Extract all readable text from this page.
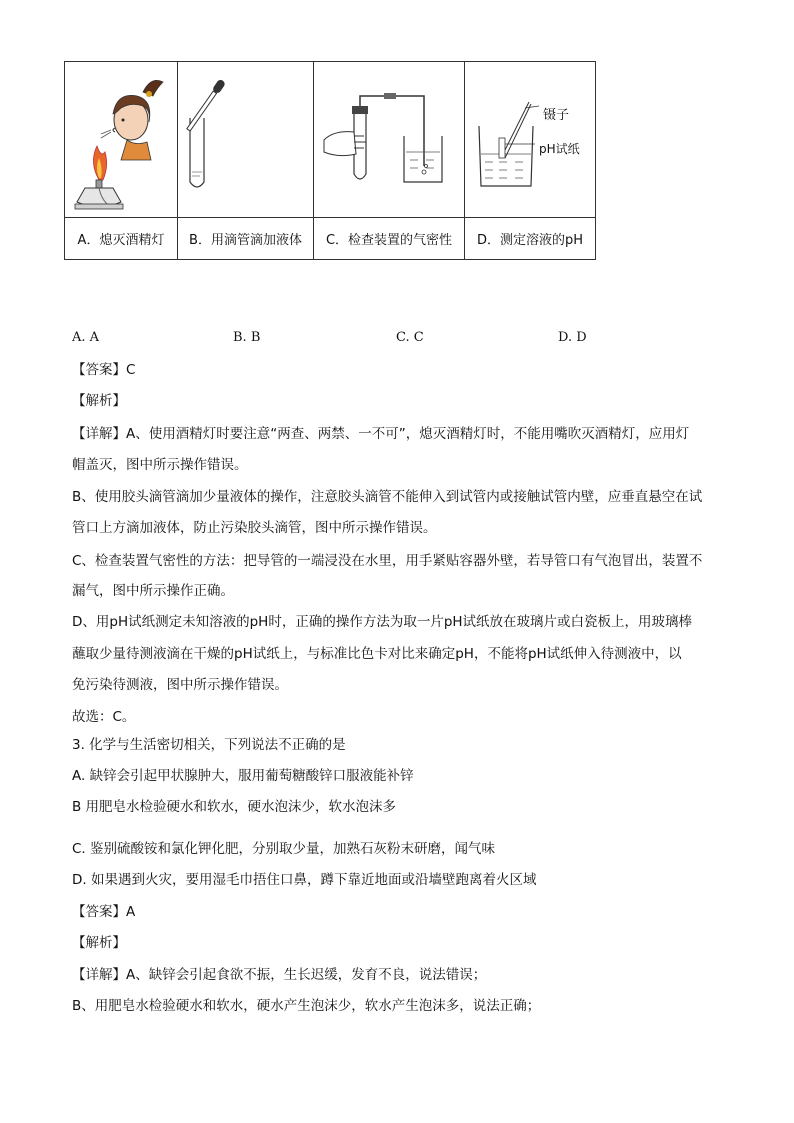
镊子
pH试纸

A．熄灭酒精灯	B．用滴管滴加液体	C．检查装置的气密性	D．测定溶液的pH
A. A	B. B	C. C	D. D
【答案】C
【解析】
【详解】A、使用酒精灯时要注意“两查、两禁、一不可”，熄灭酒精灯时，不能用嘴吹灭酒精灯，应用灯
帽盖灭，图中所示操作错误。
B、使用胶头滴管滴加少量液体的操作，注意胶头滴管不能伸入到试管内或接触试管内壁，应垂直悬空在试
管口上方滴加液体，防止污染胶头滴管，图中所示操作错误。
C、检查装置气密性的方法：把导管的一端浸没在水里，用手紧贴容器外壁，若导管口有气泡冒出，装置不
漏气，图中所示操作正确。
D、用pH试纸测定未知溶液的pH时，正确的操作方法为取一片pH试纸放在玻璃片或白瓷板上，用玻璃棒
蘸取少量待测液滴在干燥的pH试纸上，与标准比色卡对比来确定pH，不能将pH试纸伸入待测液中，以
免污染待测液，图中所示操作错误。
故选：C。
3. 化学与生活密切相关，下列说法不正确的是
A. 缺锌会引起甲状腺肿大，服用葡萄糖酸锌口服液能补锌
B 用肥皂水检验硬水和软水，硬水泡沫少，软水泡沫多
C. 鉴别硫酸铵和氯化钾化肥，分别取少量，加熟石灰粉末研磨，闻气味
D. 如果遇到火灾，要用湿毛巾捂住口鼻，蹲下靠近地面或沿墙壁跑离着火区域
【答案】A
【解析】
【详解】A、缺锌会引起食欲不振，生长迟缓，发育不良，说法错误；
B、用肥皂水检验硬水和软水，硬水产生泡沫少，软水产生泡沫多，说法正确；
